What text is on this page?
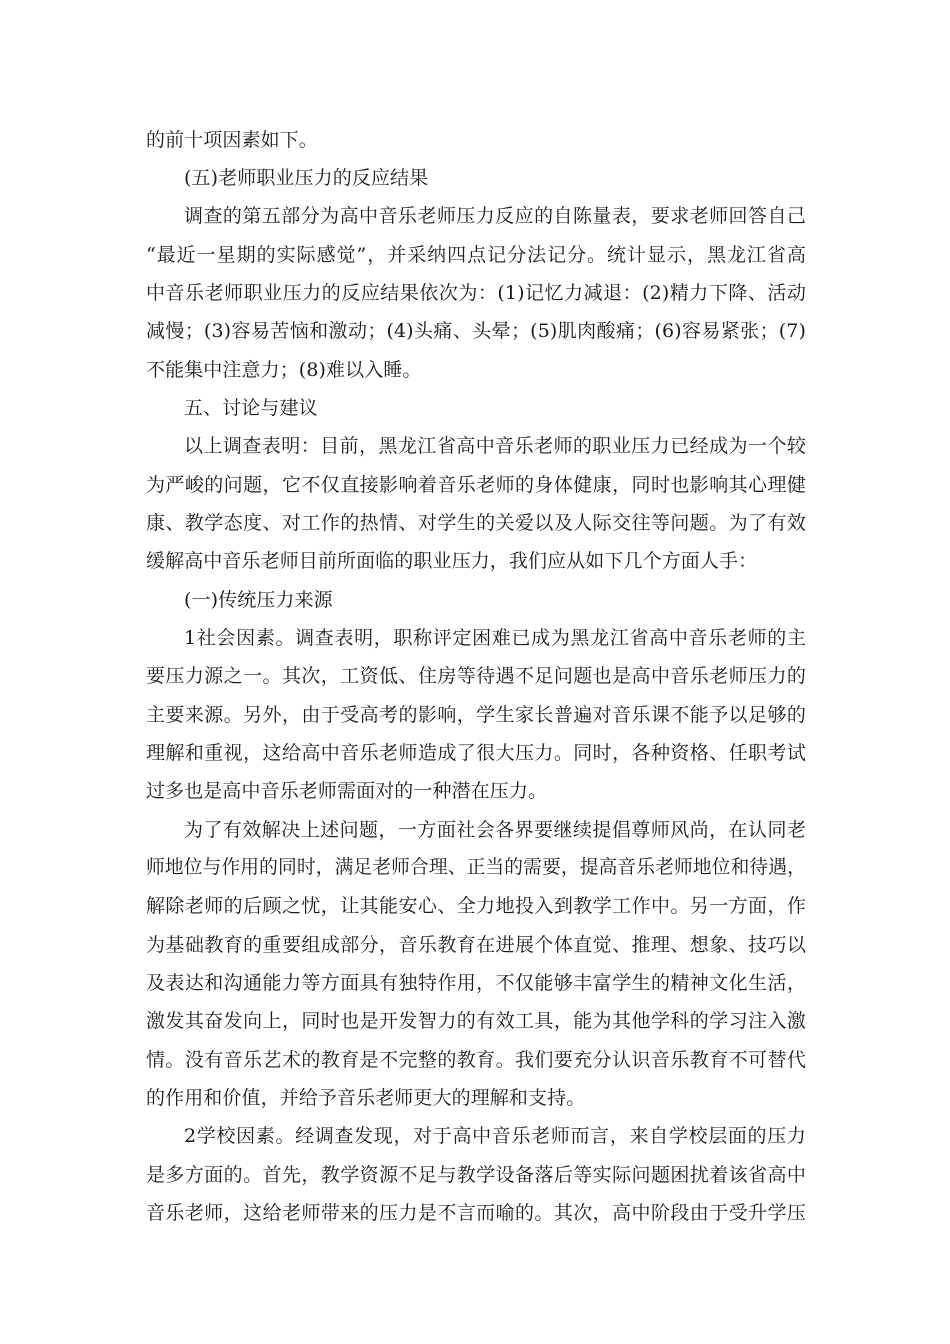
的前十项因素如下。

(五)老师职业压力的反应结果

调查的第五部分为高中音乐老师压力反应的自陈量表，要求老师回答自己

“最近一星期的实际感觉”，并采纳四点记分法记分。统计显示，黑龙江省高

中音乐老师职业压力的反应结果依次为：(1)记忆力减退：(2)精力下降、活动

减慢；(3)容易苦恼和激动；(4)头痛、头晕；(5)肌肉酸痛；(6)容易紧张；(7)

不能集中注意力；(8)难以入睡。

五、讨论与建议

以上调查表明：目前，黑龙江省高中音乐老师的职业压力已经成为一个较

为严峻的问题，它不仅直接影响着音乐老师的身体健康，同时也影响其心理健

康、教学态度、对工作的热情、对学生的关爱以及人际交往等问题。为了有效

缓解高中音乐老师目前所面临的职业压力，我们应从如下几个方面人手：

(一)传统压力来源

1社会因素。调查表明，职称评定困难已成为黑龙江省高中音乐老师的主

要压力源之一。其次，工资低、住房等待遇不足问题也是高中音乐老师压力的

主要来源。另外，由于受高考的影响，学生家长普遍对音乐课不能予以足够的

理解和重视，这给高中音乐老师造成了很大压力。同时，各种资格、任职考试

过多也是高中音乐老师需面对的一种潜在压力。

为了有效解决上述问题，一方面社会各界要继续提倡尊师风尚，在认同老

师地位与作用的同时，满足老师合理、正当的需要，提高音乐老师地位和待遇，

解除老师的后顾之忧，让其能安心、全力地投入到教学工作中。另一方面，作

为基础教育的重要组成部分，音乐教育在进展个体直觉、推理、想象、技巧以

及表达和沟通能力等方面具有独特作用，不仅能够丰富学生的精神文化生活，

激发其奋发向上，同时也是开发智力的有效工具，能为其他学科的学习注入激

情。没有音乐艺术的教育是不完整的教育。我们要充分认识音乐教育不可替代

的作用和价值，并给予音乐老师更大的理解和支持。

2学校因素。经调查发现，对于高中音乐老师而言，来自学校层面的压力

是多方面的。首先，教学资源不足与教学设备落后等实际问题困扰着该省高中

音乐老师，这给老师带来的压力是不言而喻的。其次，高中阶段由于受升学压
